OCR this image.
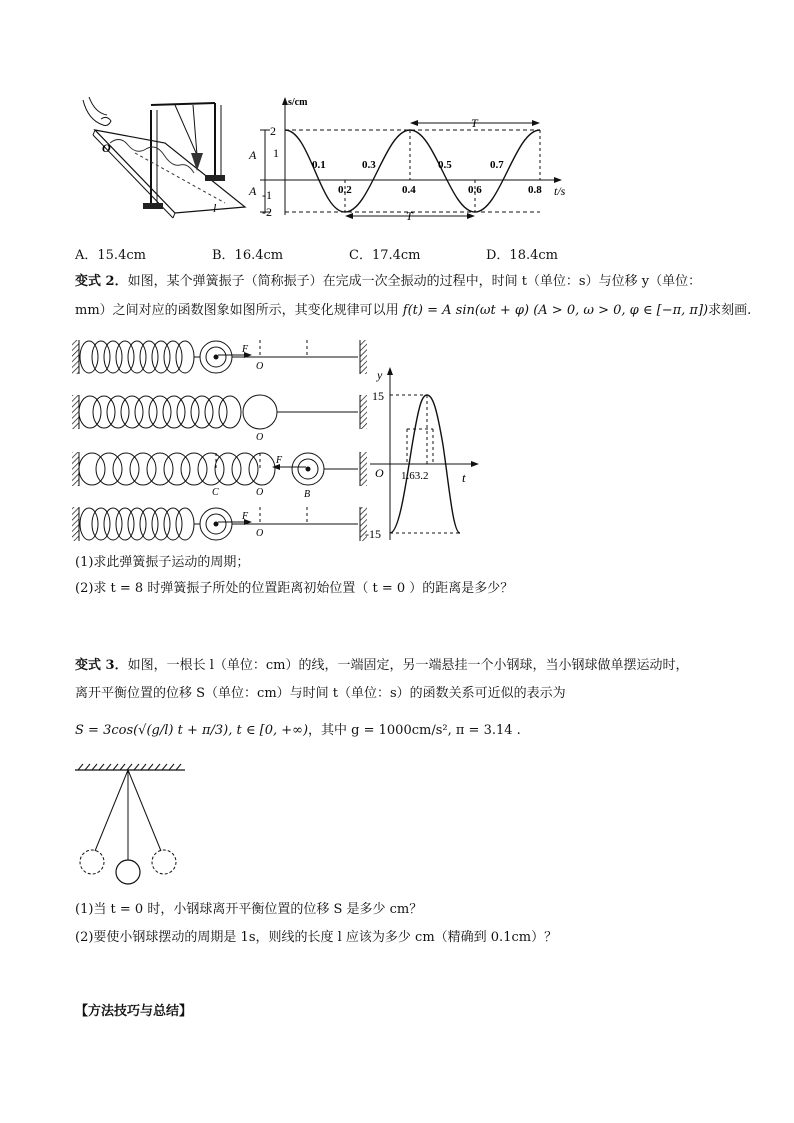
O
l
s/cm
t/s
2
1
-1
-2
A
A
0.1	0.3	0.5	0.7
0.2	0.4	0.6	0.8
T
T
A．15.4cm	B．16.4cm	C．17.4cm	D．18.4cm
变式 2．如图，某个弹簧振子（简称振子）在完成一次全振动的过程中，时间 t（单位：s）与位移 y（单位：
mm）之间对应的函数图象如图所示，其变化规律可以用 f(t) = A sin(ωt + φ) (A > 0, ω > 0, φ ∈ [−π, π])求刻画.
F
O
O
F
C	O	B
F
O
y
t
O
15
-15
1.63.2
(1)求此弹簧振子运动的周期；
(2)求 t = 8 时弹簧振子所处的位置距离初始位置（ t = 0 ）的距离是多少？
变式 3．如图，一根长 l（单位：cm）的线，一端固定，另一端悬挂一个小钢球，当小钢球做单摆运动时，
离开平衡位置的位移 S（单位：cm）与时间 t（单位：s）的函数关系可近似的表示为
S = 3cos(√(g/l) t + π/3), t ∈ [0, +∞)，其中 g = 1000cm/s², π = 3.14 .
(1)当 t = 0 时，小钢球离开平衡位置的位移 S 是多少 cm？
(2)要使小钢球摆动的周期是 1s，则线的长度 l 应该为多少 cm（精确到 0.1cm）？
【方法技巧与总结】
